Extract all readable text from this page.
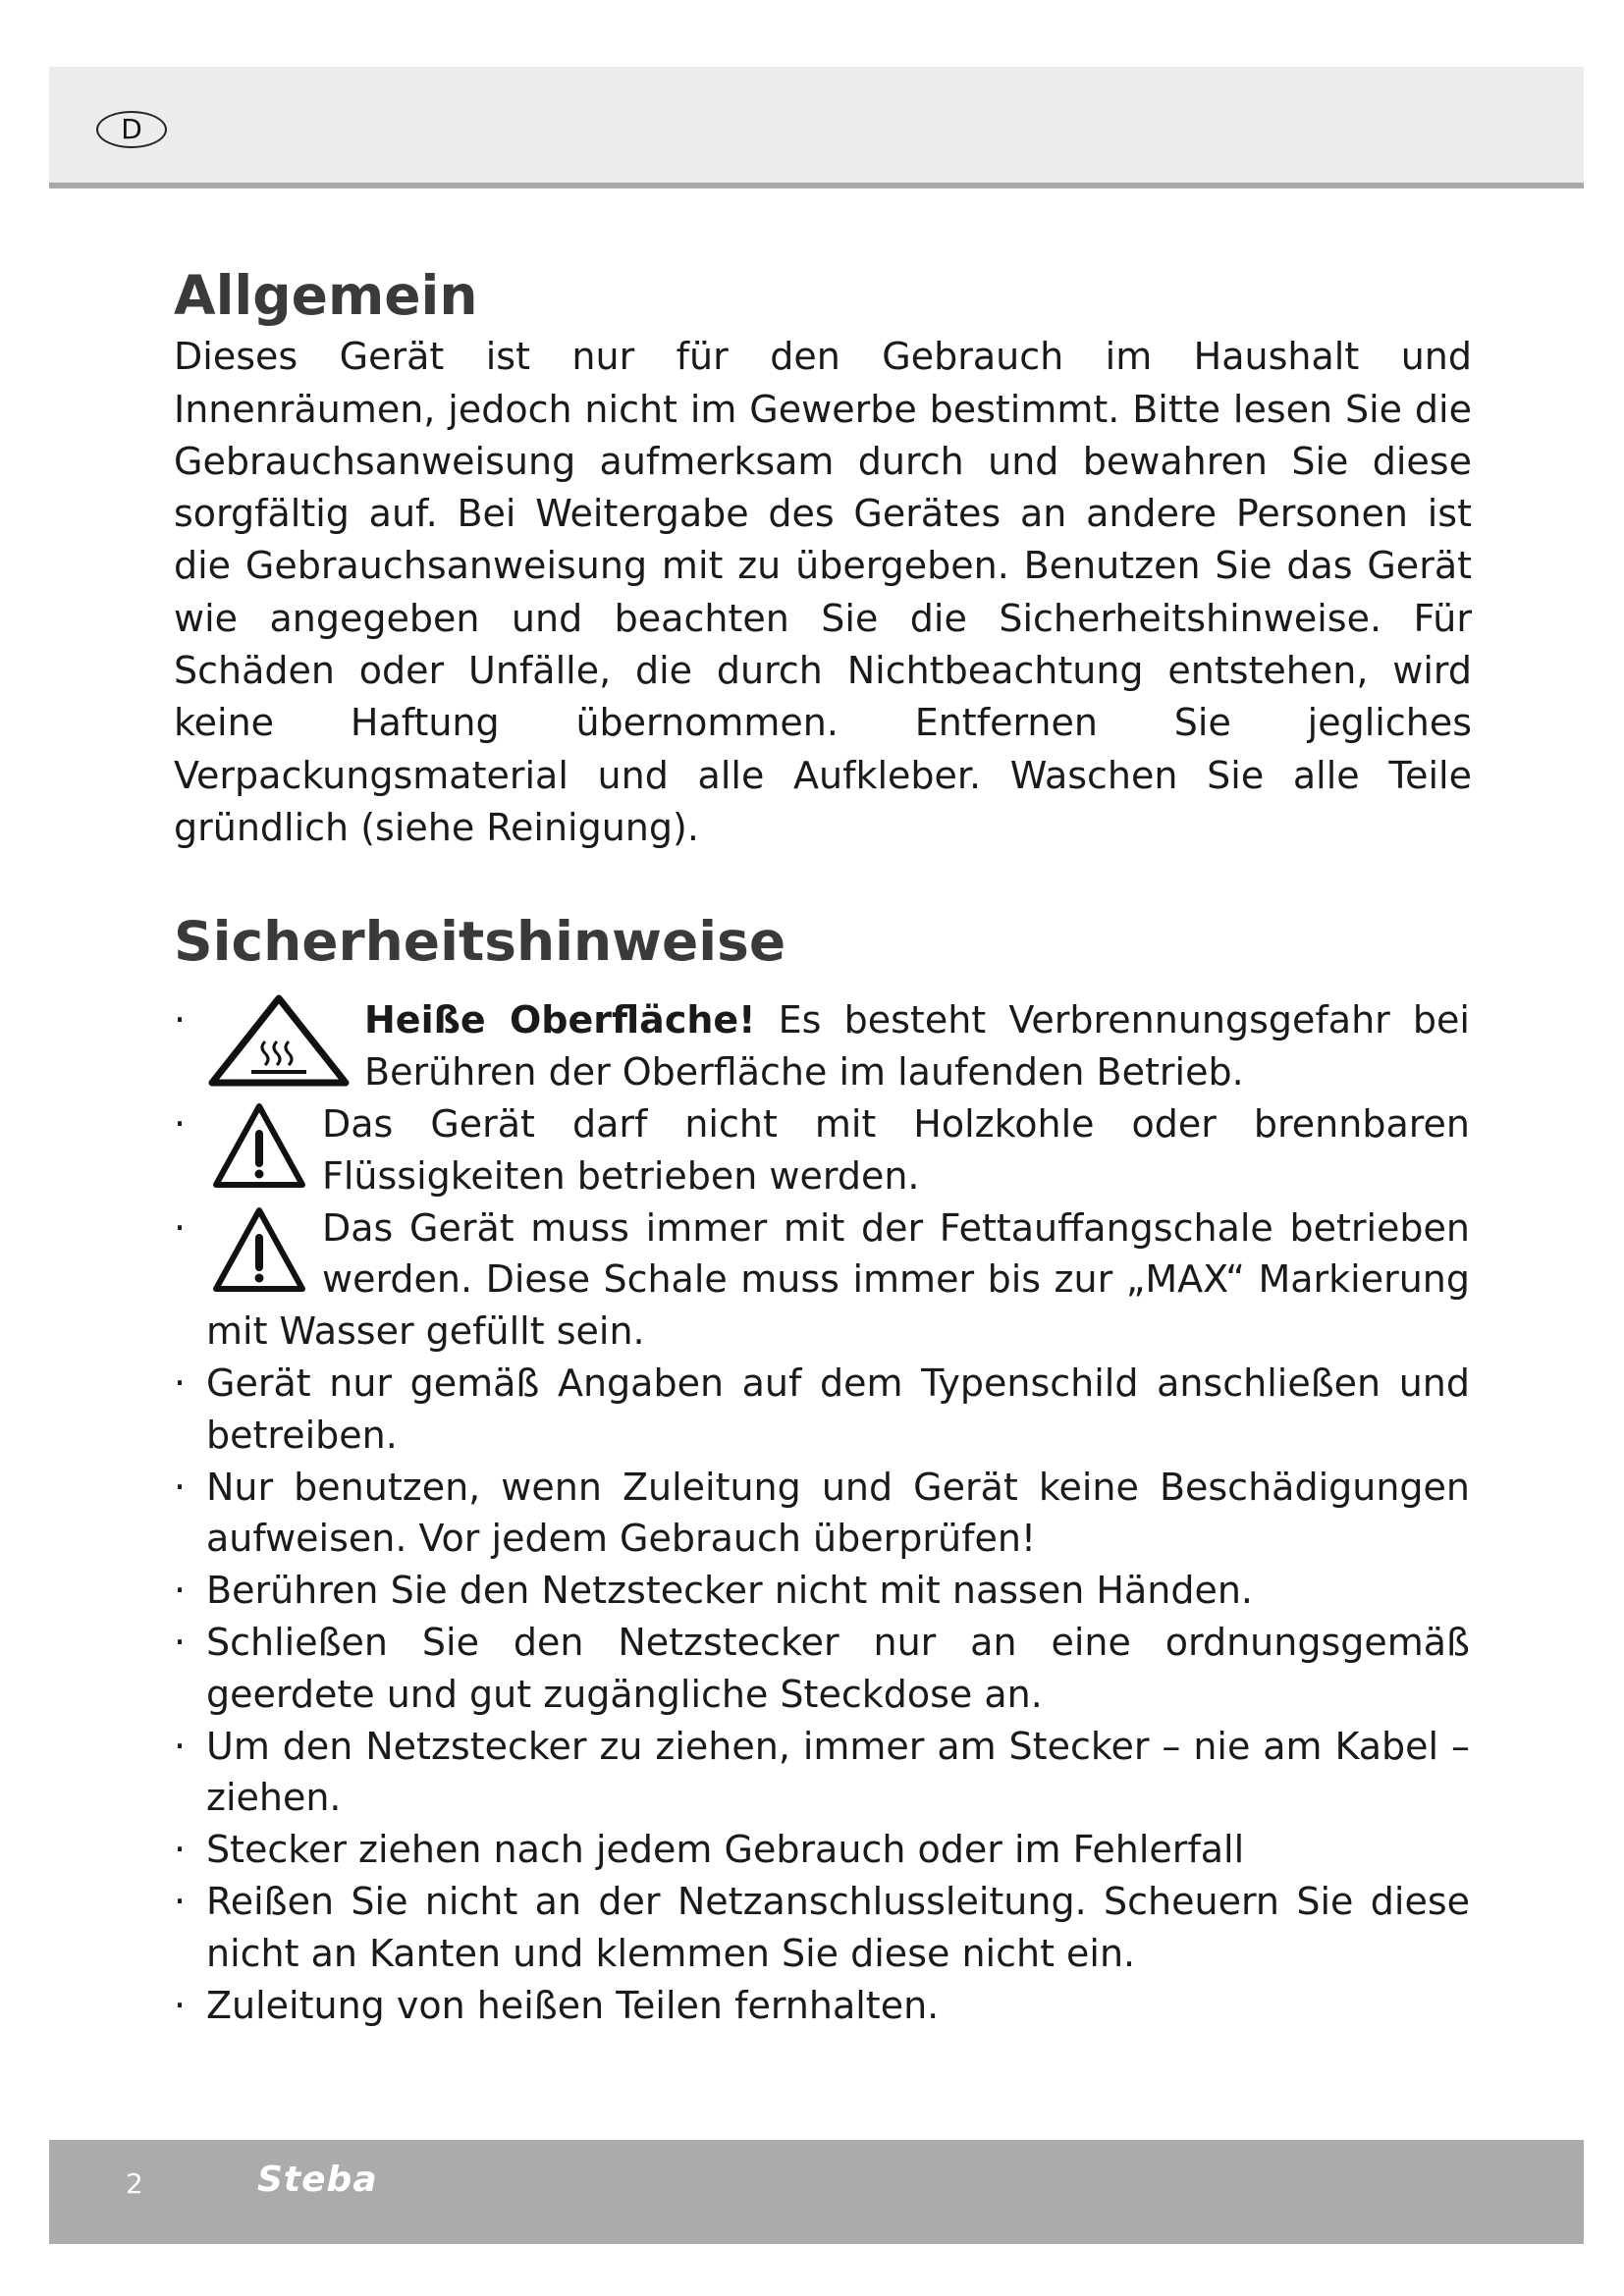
D
Allgemein

Dieses Gerät ist nur für den Gebrauch im Haushalt und Innenräumen, jedoch nicht im Gewerbe bestimmt. Bitte lesen Sie die Gebrauchsanweisung aufmerksam durch und bewahren Sie diese sorgfältig auf. Bei Weitergabe des Gerätes an andere Personen ist die Gebrauchsanweisung mit zu übergeben. Benutzen Sie das Gerät wie angegeben und beachten Sie die Sicherheitshinweise. Für Schäden oder Unfälle, die durch Nichtbeachtung entstehen, wird keine Haftung übernommen. Entfernen Sie jegliches Verpackungsmaterial und alle Aufkleber. Waschen Sie alle Teile gründlich (siehe Reinigung).

Sicherheitshinweise
·	Heiße Oberfläche! Es besteht Verbrennungsgefahr bei Berühren der Oberfläche im laufenden Betrieb.
·	Das Gerät darf nicht mit Holzkohle oder brennbaren Flüssigkeiten betrieben werden.
·	Das Gerät muss immer mit der Fettauffangschale betrieben werden. Diese Schale muss immer bis zur „MAX“ Markierung mit Wasser gefüllt sein.
· Gerät nur gemäß Angaben auf dem Typenschild anschließen und betreiben.
· Nur benutzen, wenn Zuleitung und Gerät keine Beschädigungen aufweisen. Vor jedem Gebrauch überprüfen!
· Berühren Sie den Netzstecker nicht mit nassen Händen.
· Schließen Sie den Netzstecker nur an eine ordnungsgemäß geerdete und gut zugängliche Steckdose an.
· Um den Netzstecker zu ziehen, immer am Stecker – nie am Kabel – ziehen.
· Stecker ziehen nach jedem Gebrauch oder im Fehlerfall
· Reißen Sie nicht an der Netzanschlussleitung. Scheuern Sie diese nicht an Kanten und klemmen Sie diese nicht ein.
· Zuleitung von heißen Teilen fernhalten.
2	Steba
